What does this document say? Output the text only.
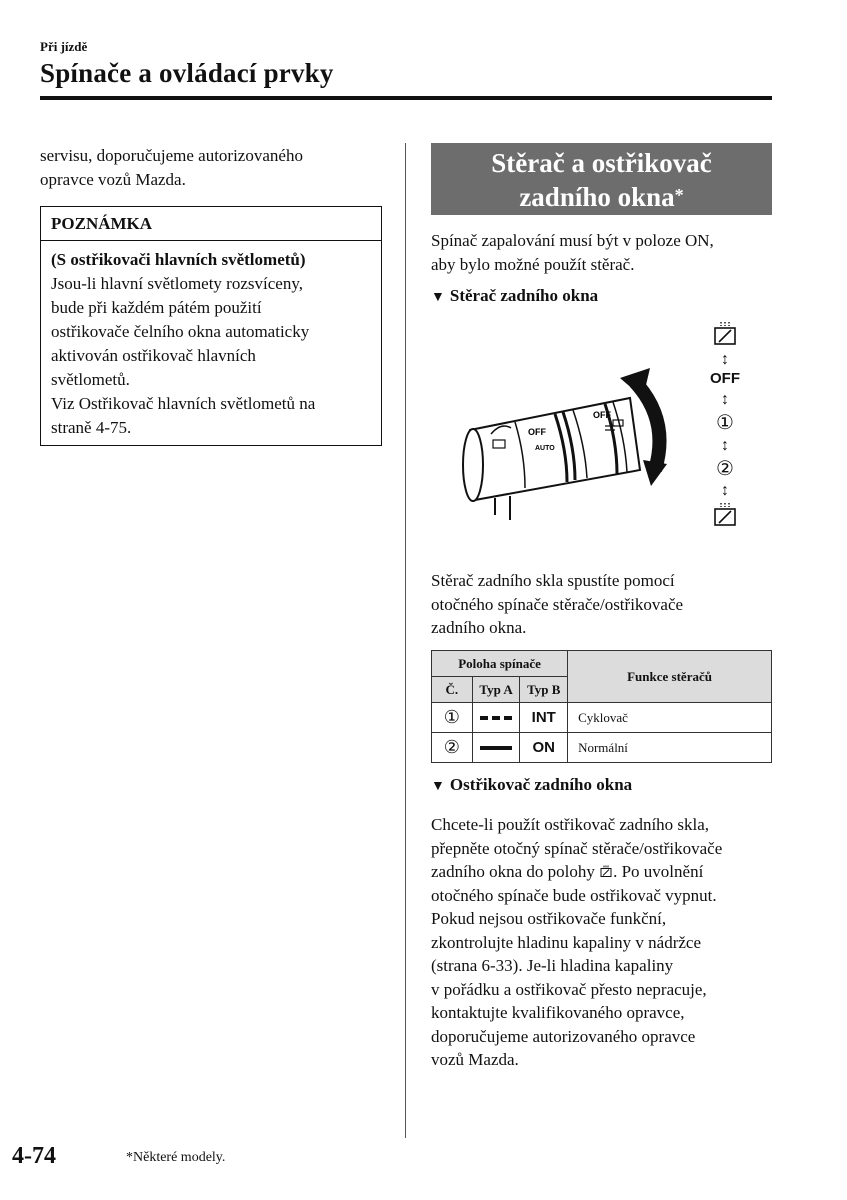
Při jízdě
Spínače a ovládací prvky
servisu, doporučujeme autorizovaného
opravce vozů Mazda.
POZNÁMKA
(S ostřikovači hlavních světlometů)
Jsou-li hlavní světlomety rozsvíceny,
bude při každém pátém použití
ostřikovače čelního okna automaticky
aktivován ostřikovač hlavních
světlometů.
Viz Ostřikovač hlavních světlometů na
straně 4-75.
Stěrač a ostřikovač
zadního okna*
Spínač zapalování musí být v poloze ON,
aby bylo možné použít stěrač.
▼ Stěrač zadního okna
OFF
AUTO
OFF
↕
OFF
↕
①
↕
②
↕
Stěrač zadního skla spustíte pomocí
otočného spínače stěrače/ostřikovače
zadního okna.
Poloha spínače			Funkce stěračů
Č.	Typ A	Typ B	
①		INT	Cyklovač
②		ON	Normální
▼ Ostřikovač zadního okna
Chcete-li použít ostřikovač zadního skla,
přepněte otočný spínač stěrače/ostřikovače
zadního okna do polohy . Po uvolnění
otočného spínače bude ostřikovač vypnut.
Pokud nejsou ostřikovače funkční,
zkontrolujte hladinu kapaliny v nádržce
(strana 6-33). Je-li hladina kapaliny
v pořádku a ostřikovač přesto nepracuje,
kontaktujte kvalifikovaného opravce,
doporučujeme autorizovaného opravce
vozů Mazda.
4-74	*Některé modely.
